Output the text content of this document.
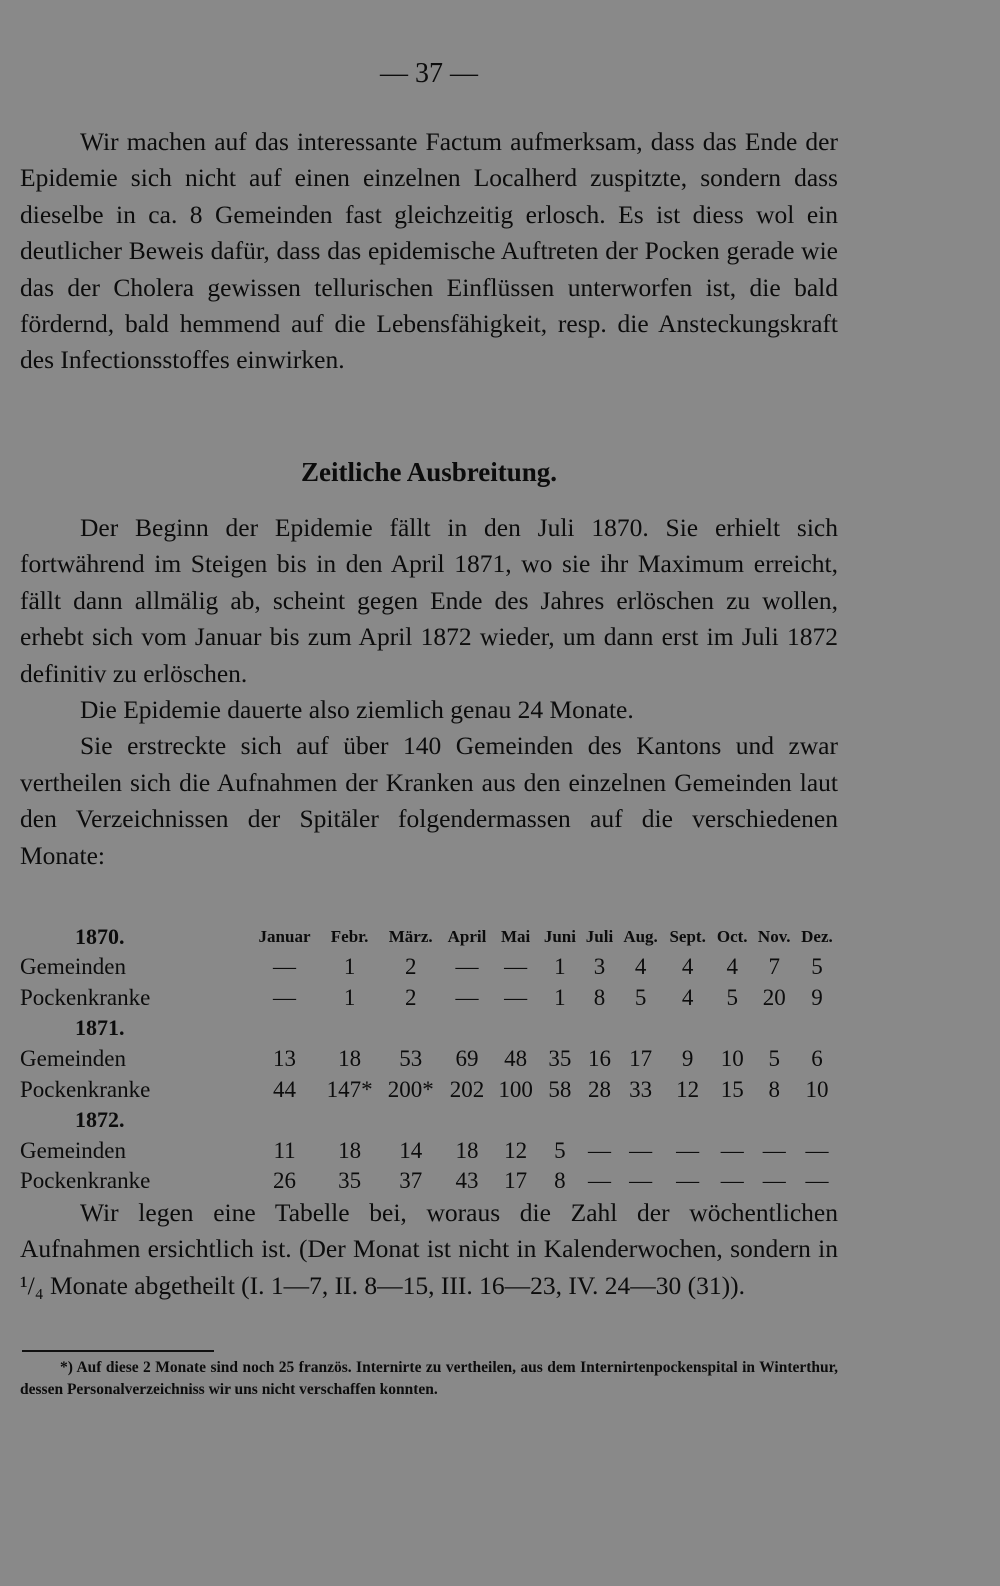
— 37 —

Wir machen auf das interessante Factum aufmerksam, dass das Ende der Epidemie sich nicht auf einen einzelnen Localherd zuspitzte, sondern dass dieselbe in ca. 8 Gemeinden fast gleichzeitig erlosch. Es ist diess wol ein deutlicher Beweis dafür, dass das epidemische Auftreten der Pocken gerade wie das der Cholera gewissen tellurischen Einflüssen unterworfen ist, die bald fördernd, bald hemmend auf die Lebensfähigkeit, resp. die Ansteckungskraft des Infectionsstoffes einwirken.

Zeitliche Ausbreitung.

Der Beginn der Epidemie fällt in den Juli 1870. Sie erhielt sich fortwährend im Steigen bis in den April 1871, wo sie ihr Maximum erreicht, fällt dann allmälig ab, scheint gegen Ende des Jahres erlöschen zu wollen, erhebt sich vom Januar bis zum April 1872 wieder, um dann erst im Juli 1872 definitiv zu erlöschen.

Die Epidemie dauerte also ziemlich genau 24 Monate.

Sie erstreckte sich auf über 140 Gemeinden des Kantons und zwar vertheilen sich die Aufnahmen der Kranken aus den einzelnen Gemeinden laut den Verzeichnissen der Spitäler folgendermassen auf die verschiedenen Monate:

1870.	Januar	Febr.	März.	April	Mai	Juni	Juli	Aug.	Sept.	Oct.	Nov.	Dez.
Gemeinden	—	1	2	—	—	1	3	4	4	4	7	5
Pockenkranke	—	1	2	—	—	1	8	5	4	5	20	9
1871.												
Gemeinden	13	18	53	69	48	35	16	17	9	10	5	6
Pockenkranke	44	147*	200*	202	100	58	28	33	12	15	8	10
1872.												
Gemeinden	11	18	14	18	12	5	—	—	—	—	—	—
Pockenkranke	26	35	37	43	17	8	—	—	—	—	—	—

Wir legen eine Tabelle bei, woraus die Zahl der wöchentlichen Aufnahmen ersichtlich ist. (Der Monat ist nicht in Kalenderwochen, sondern in ¹/₄ Monate abgetheilt (I. 1—7, II. 8—15, III. 16—23, IV. 24—30 (31)).

*) Auf diese 2 Monate sind noch 25 französ. Internirte zu vertheilen, aus dem Internirtenpockenspital in Winterthur, dessen Personalverzeichniss wir uns nicht verschaffen konnten.
